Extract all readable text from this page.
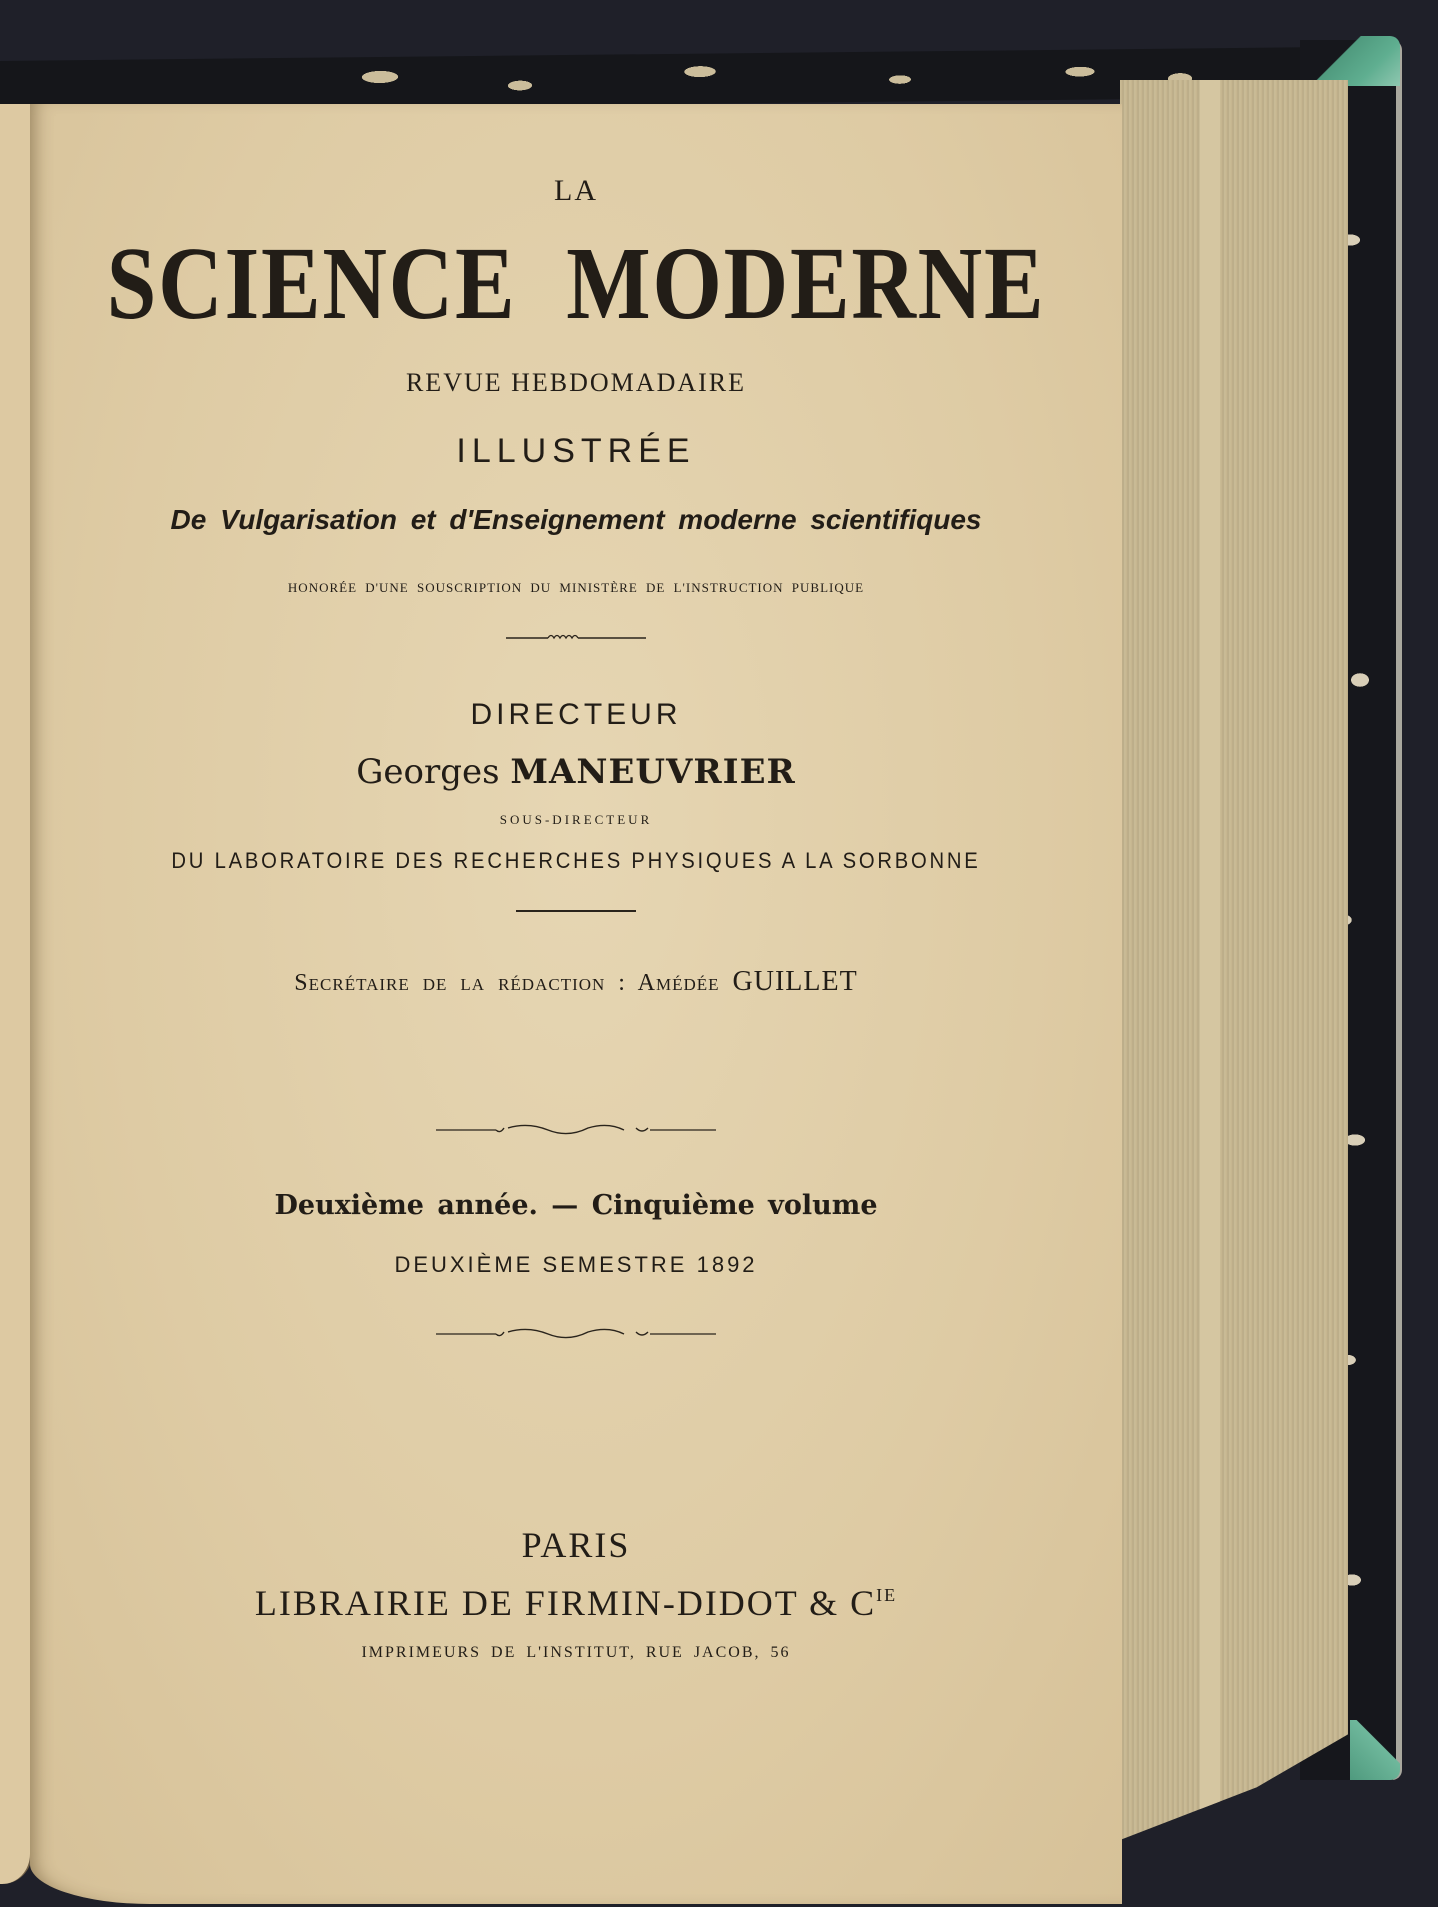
LA
SCIENCE MODERNE
REVUE HEBDOMADAIRE
ILLUSTRÉE
De Vulgarisation et d'Enseignement moderne scientifiques
HONORÉE D'UNE SOUSCRIPTION DU MINISTÈRE DE L'INSTRUCTION PUBLIQUE
DIRECTEUR
Georges MANEUVRIER
SOUS-DIRECTEUR
DU LABORATOIRE DES RECHERCHES PHYSIQUES A LA SORBONNE
Secrétaire de la rédaction : Amédée GUILLET
Deuxième année. — Cinquième volume
DEUXIÈME SEMESTRE 1892
PARIS
LIBRAIRIE DE FIRMIN-DIDOT & $C^{IE}$
IMPRIMEURS DE L'INSTITUT, RUE JACOB, 56
